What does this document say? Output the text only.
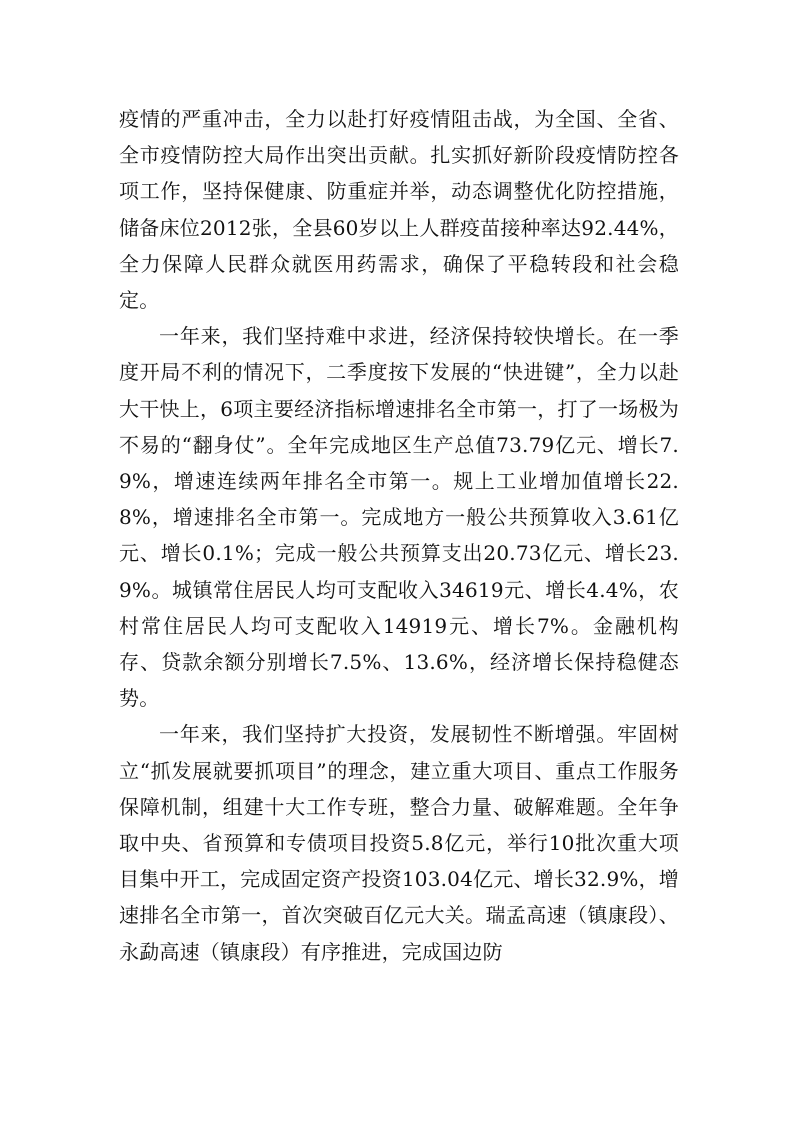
疫情的严重冲击，全力以赴打好疫情阻击战，为全国、全省、全市疫情防控大局作出突出贡献。扎实抓好新阶段疫情防控各项工作，坚持保健康、防重症并举，动态调整优化防控措施，储备床位2012张，全县60岁以上人群疫苗接种率达92.44%，全力保障人民群众就医用药需求，确保了平稳转段和社会稳定。

一年来，我们坚持难中求进，经济保持较快增长。在一季度开局不利的情况下，二季度按下发展的“快进键”，全力以赴大干快上，6项主要经济指标增速排名全市第一，打了一场极为不易的“翻身仗”。全年完成地区生产总值73.79亿元、增长7.9%，增速连续两年排名全市第一。规上工业增加值增长22.8%，增速排名全市第一。完成地方一般公共预算收入3.61亿元、增长0.1%；完成一般公共预算支出20.73亿元、增长23.9%。城镇常住居民人均可支配收入34619元、增长4.4%，农村常住居民人均可支配收入14919元、增长7%。金融机构存、贷款余额分别增长7.5%、13.6%，经济增长保持稳健态势。

一年来，我们坚持扩大投资，发展韧性不断增强。牢固树立“抓发展就要抓项目”的理念，建立重大项目、重点工作服务保障机制，组建十大工作专班，整合力量、破解难题。全年争取中央、省预算和专债项目投资5.8亿元，举行10批次重大项目集中开工，完成固定资产投资103.04亿元、增长32.9%，增速排名全市第一，首次突破百亿元大关。瑞孟高速（镇康段）、永勐高速（镇康段）有序推进，完成国边防
